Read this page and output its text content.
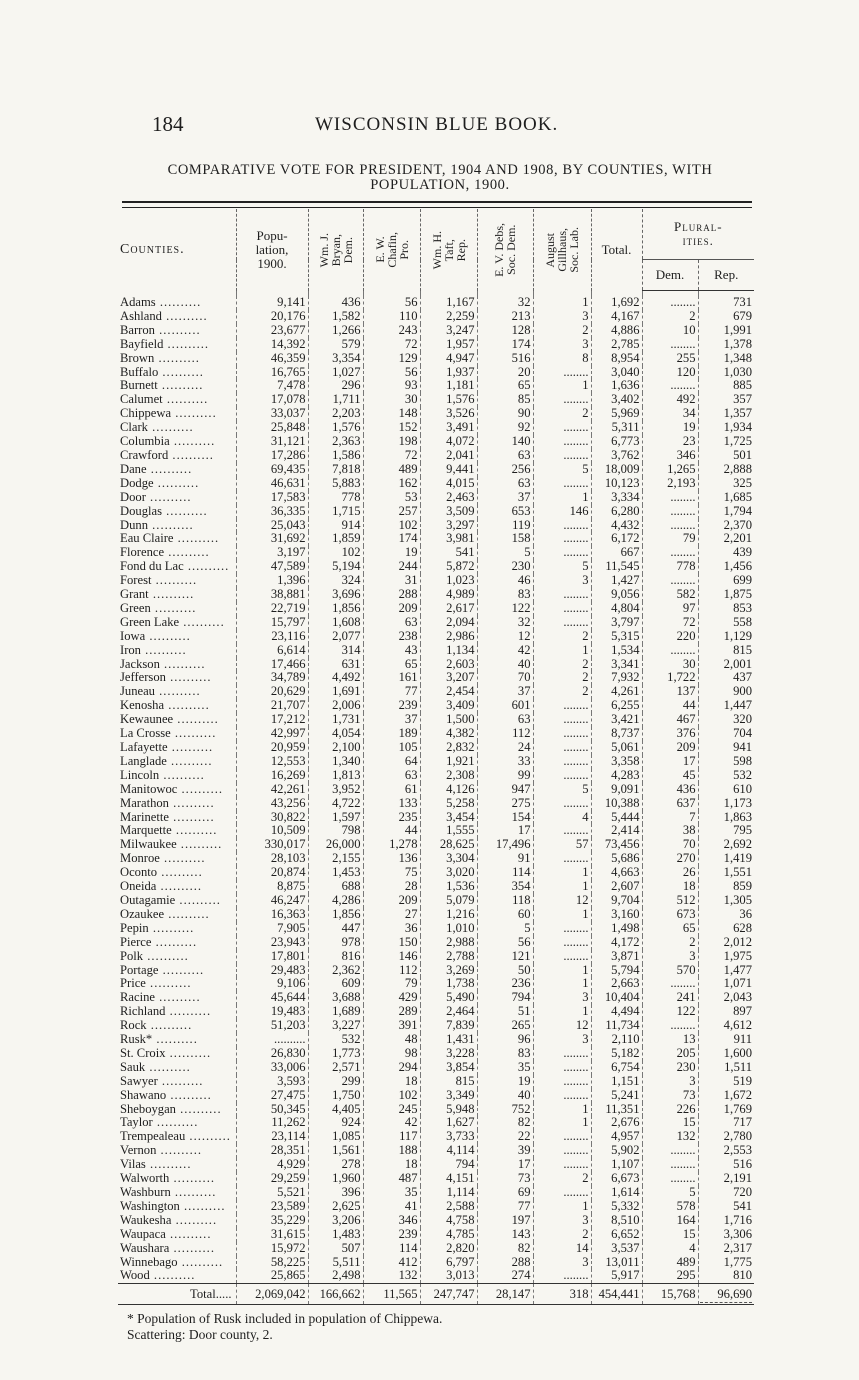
184	WISCONSIN BLUE BOOK.
COMPARATIVE VOTE FOR PRESIDENT, 1904 AND 1908, BY COUNTIES, WITH
POPULATION, 1900.
Counties.	Popu-
lation,
1900.	Wm. J.
Bryan,
Dem.	E. W.
Chafin,
Pro.	Wm. H.
Taft,
Rep.	E. V. Debs,
Soc. Dem.	August
Gillhaus,
Soc. Lab.	Total.	Plural-
ities.	
								Dem.	Rep.

Adams ..........	9,141	436	56	1,167	32	1	1,692	........	731
Ashland ..........	20,176	1,582	110	2,259	213	3	4,167	2	679
Barron ..........	23,677	1,266	243	3,247	128	2	4,886	10	1,991
Bayfield ..........	14,392	579	72	1,957	174	3	2,785	........	1,378
Brown ..........	46,359	3,354	129	4,947	516	8	8,954	255	1,348
Buffalo ..........	16,765	1,027	56	1,937	20	........	3,040	120	1,030
Burnett ..........	7,478	296	93	1,181	65	1	1,636	........	885
Calumet ..........	17,078	1,711	30	1,576	85	........	3,402	492	357
Chippewa ..........	33,037	2,203	148	3,526	90	2	5,969	34	1,357
Clark ..........	25,848	1,576	152	3,491	92	........	5,311	19	1,934
Columbia ..........	31,121	2,363	198	4,072	140	........	6,773	23	1,725
Crawford ..........	17,286	1,586	72	2,041	63	........	3,762	346	501
Dane ..........	69,435	7,818	489	9,441	256	5	18,009	1,265	2,888
Dodge ..........	46,631	5,883	162	4,015	63	........	10,123	2,193	325
Door ..........	17,583	778	53	2,463	37	1	3,334	........	1,685
Douglas ..........	36,335	1,715	257	3,509	653	146	6,280	........	1,794
Dunn ..........	25,043	914	102	3,297	119	........	4,432	........	2,370
Eau Claire ..........	31,692	1,859	174	3,981	158	........	6,172	79	2,201
Florence ..........	3,197	102	19	541	5	........	667	........	439
Fond du Lac ..........	47,589	5,194	244	5,872	230	5	11,545	778	1,456
Forest ..........	1,396	324	31	1,023	46	3	1,427	........	699
Grant ..........	38,881	3,696	288	4,989	83	........	9,056	582	1,875
Green ..........	22,719	1,856	209	2,617	122	........	4,804	97	853
Green Lake ..........	15,797	1,608	63	2,094	32	........	3,797	72	558
Iowa ..........	23,116	2,077	238	2,986	12	2	5,315	220	1,129
Iron ..........	6,614	314	43	1,134	42	1	1,534	........	815
Jackson ..........	17,466	631	65	2,603	40	2	3,341	30	2,001
Jefferson ..........	34,789	4,492	161	3,207	70	2	7,932	1,722	437
Juneau ..........	20,629	1,691	77	2,454	37	2	4,261	137	900
Kenosha ..........	21,707	2,006	239	3,409	601	........	6,255	44	1,447
Kewaunee ..........	17,212	1,731	37	1,500	63	........	3,421	467	320
La Crosse ..........	42,997	4,054	189	4,382	112	........	8,737	376	704
Lafayette ..........	20,959	2,100	105	2,832	24	........	5,061	209	941
Langlade ..........	12,553	1,340	64	1,921	33	........	3,358	17	598
Lincoln ..........	16,269	1,813	63	2,308	99	........	4,283	45	532
Manitowoc ..........	42,261	3,952	61	4,126	947	5	9,091	436	610
Marathon ..........	43,256	4,722	133	5,258	275	........	10,388	637	1,173
Marinette ..........	30,822	1,597	235	3,454	154	4	5,444	7	1,863
Marquette ..........	10,509	798	44	1,555	17	........	2,414	38	795
Milwaukee ..........	330,017	26,000	1,278	28,625	17,496	57	73,456	70	2,692
Monroe ..........	28,103	2,155	136	3,304	91	........	5,686	270	1,419
Oconto ..........	20,874	1,453	75	3,020	114	1	4,663	26	1,551
Oneida ..........	8,875	688	28	1,536	354	1	2,607	18	859
Outagamie ..........	46,247	4,286	209	5,079	118	12	9,704	512	1,305
Ozaukee ..........	16,363	1,856	27	1,216	60	1	3,160	673	36
Pepin ..........	7,905	447	36	1,010	5	........	1,498	65	628
Pierce ..........	23,943	978	150	2,988	56	........	4,172	2	2,012
Polk ..........	17,801	816	146	2,788	121	........	3,871	3	1,975
Portage ..........	29,483	2,362	112	3,269	50	1	5,794	570	1,477
Price ..........	9,106	609	79	1,738	236	1	2,663	........	1,071
Racine ..........	45,644	3,688	429	5,490	794	3	10,404	241	2,043
Richland ..........	19,483	1,689	289	2,464	51	1	4,494	122	897
Rock ..........	51,203	3,227	391	7,839	265	12	11,734	........	4,612
Rusk* ..........	..........	532	48	1,431	96	3	2,110	13	911
St. Croix ..........	26,830	1,773	98	3,228	83	........	5,182	205	1,600
Sauk ..........	33,006	2,571	294	3,854	35	........	6,754	230	1,511
Sawyer ..........	3,593	299	18	815	19	........	1,151	3	519
Shawano ..........	27,475	1,750	102	3,349	40	........	5,241	73	1,672
Sheboygan ..........	50,345	4,405	245	5,948	752	1	11,351	226	1,769
Taylor ..........	11,262	924	42	1,627	82	1	2,676	15	717
Trempealeau ..........	23,114	1,085	117	3,733	22	........	4,957	132	2,780
Vernon ..........	28,351	1,561	188	4,114	39	........	5,902	........	2,553
Vilas ..........	4,929	278	18	794	17	........	1,107	........	516
Walworth ..........	29,259	1,960	487	4,151	73	2	6,673	........	2,191
Washburn ..........	5,521	396	35	1,114	69	........	1,614	5	720
Washington ..........	23,589	2,625	41	2,588	77	1	5,332	578	541
Waukesha ..........	35,229	3,206	346	4,758	197	3	8,510	164	1,716
Waupaca ..........	31,615	1,483	239	4,785	143	2	6,652	15	3,306
Waushara ..........	15,972	507	114	2,820	82	14	3,537	4	2,317
Winnebago ..........	58,225	5,511	412	6,797	288	3	13,011	489	1,775
Wood ..........	25,865	2,498	132	3,013	274	........	5,917	295	810
Total.....	2,069,042	166,662	11,565	247,747	28,147	318	454,441	15,768	96,690
* Population of Rusk included in population of Chippewa.
Scattering: Door county, 2.
